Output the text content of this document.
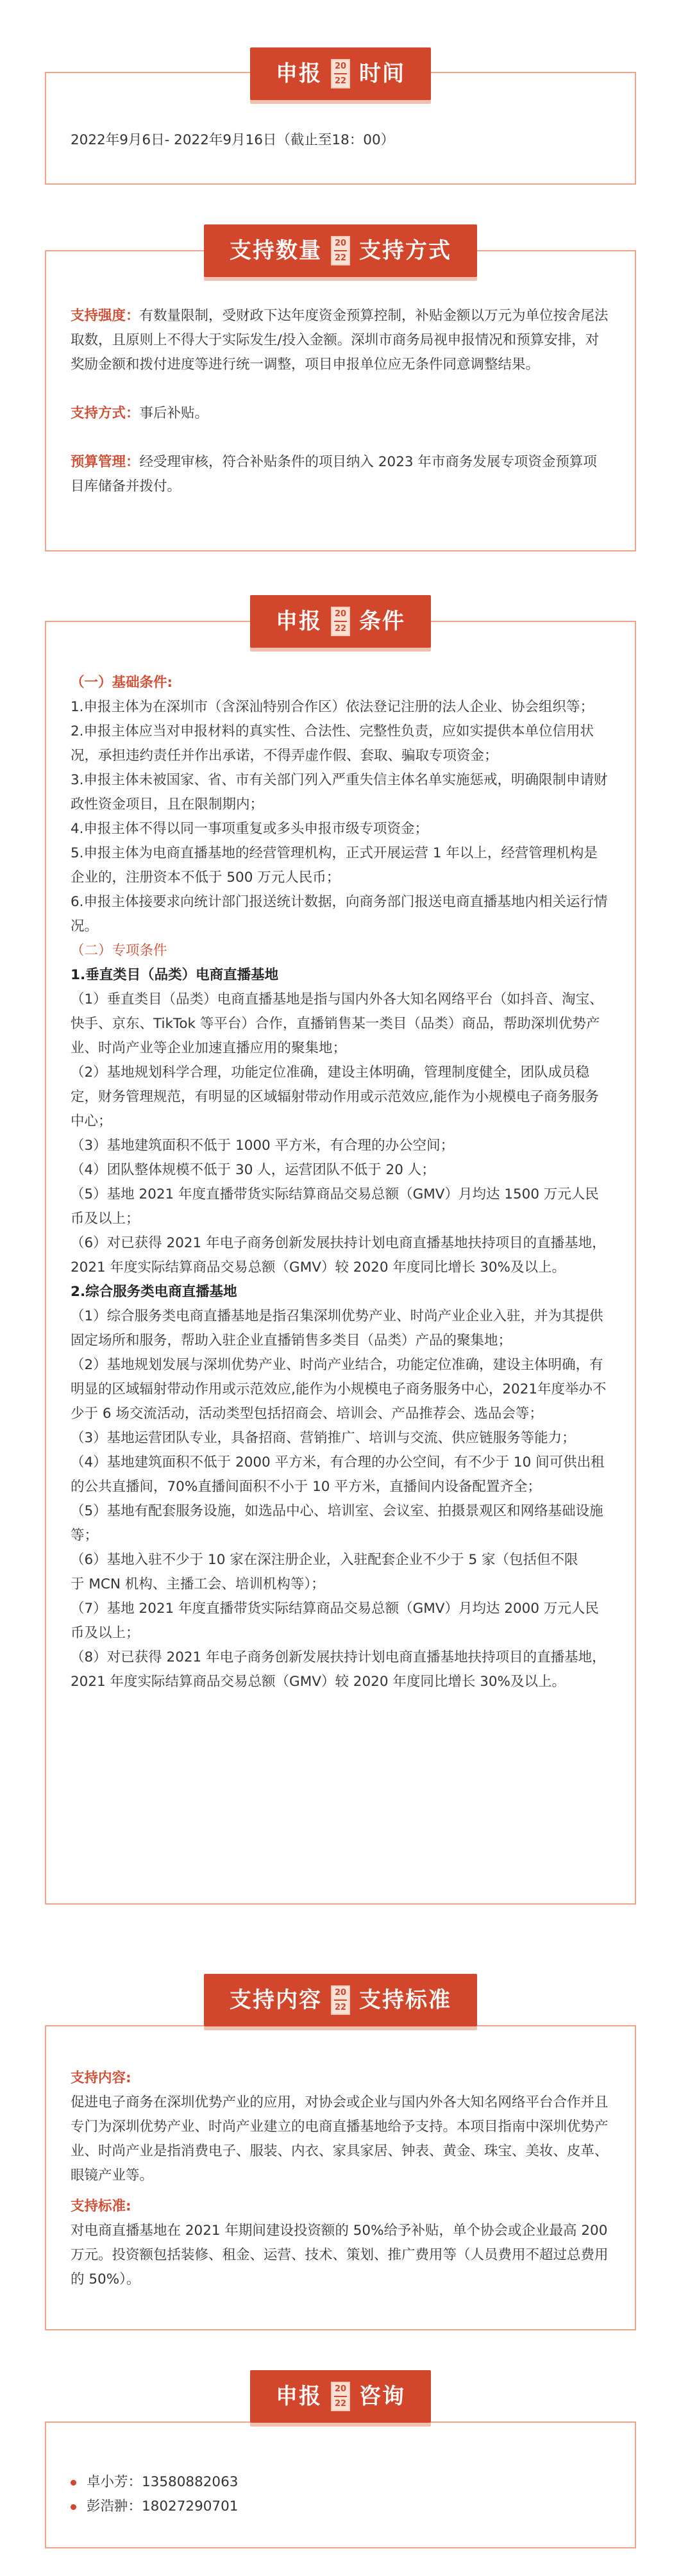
2022年9月6日- 2022年9月16日（截止至18：00）

申报	20
22 时间

支持强度：有数量限制，受财政下达年度资金预算控制，补贴金额以万元为单位按舍尾法取数，且原则上不得大于实际发生/投入金额。深圳市商务局视申报情况和预算安排，对奖励金额和拨付进度等进行统一调整，项目申报单位应无条件同意调整结果。

支持方式：事后补贴。

预算管理：经受理审核，符合补贴条件的项目纳入 2023 年市商务发展专项资金预算项目库储备并拨付。

支持数量	20
22 支持方式

（一）基础条件:

1.申报主体为在深圳市（含深汕特别合作区）依法登记注册的法人企业、协会组织等；

2.申报主体应当对申报材料的真实性、合法性、完整性负责，应如实提供本单位信用状况，承担违约责任并作出承诺，不得弄虚作假、套取、骗取专项资金；

3.申报主体未被国家、省、市有关部门列入严重失信主体名单实施惩戒，明确限制申请财政性资金项目，且在限制期内；

4.申报主体不得以同一事项重复或多头申报市级专项资金；

5.申报主体为电商直播基地的经营管理机构，正式开展运营 1 年以上，经营管理机构是企业的，注册资本不低于 500 万元人民币；

6.申报主体接要求向统计部门报送统计数据，向商务部门报送电商直播基地内相关运行情况。

（二）专项条件

1.垂直类目（品类）电商直播基地

（1）垂直类目（品类）电商直播基地是指与国内外各大知名网络平台（如抖音、淘宝、快手、京东、TikTok 等平台）合作，直播销售某一类目（品类）商品，帮助深圳优势产业、时尚产业等企业加速直播应用的聚集地；

（2）基地规划科学合理，功能定位准确，建设主体明确，管理制度健全，团队成员稳定，财务管理规范，有明显的区域辐射带动作用或示范效应,能作为小规模电子商务服务中心；

（3）基地建筑面积不低于 1000 平方米，有合理的办公空间；

（4）团队整体规模不低于 30 人，运营团队不低于 20 人；

（5）基地 2021 年度直播带货实际结算商品交易总额（GMV）月均达 1500 万元人民币及以上；

（6）对已获得 2021 年电子商务创新发展扶持计划电商直播基地扶持项目的直播基地，2021 年度实际结算商品交易总额（GMV）较 2020 年度同比增长 30%及以上。

2.综合服务类电商直播基地

（1）综合服务类电商直播基地是指召集深圳优势产业、时尚产业企业入驻，并为其提供固定场所和服务，帮助入驻企业直播销售多类目（品类）产品的聚集地；

（2）基地规划发展与深圳优势产业、时尚产业结合，功能定位准确，建设主体明确，有明显的区域辐射带动作用或示范效应,能作为小规模电子商务服务中心，2021年度举办不少于 6 场交流活动，活动类型包括招商会、培训会、产品推荐会、选品会等；

（3）基地运营团队专业，具备招商、营销推广、培训与交流、供应链服务等能力；

（4）基地建筑面积不低于 2000 平方米，有合理的办公空间，有不少于 10 间可供出租的公共直播间，70%直播间面积不小于 10 平方米，直播间内设备配置齐全；

（5）基地有配套服务设施，如选品中心、培训室、会议室、拍摄景观区和网络基础设施等；

（6）基地入驻不少于 10 家在深注册企业，入驻配套企业不少于 5 家（包括但不限

于 MCN 机构、主播工会、培训机构等）；

（7）基地 2021 年度直播带货实际结算商品交易总额（GMV）月均达 2000 万元人民币及以上；

（8）对已获得 2021 年电子商务创新发展扶持计划电商直播基地扶持项目的直播基地，2021 年度实际结算商品交易总额（GMV）较 2020 年度同比增长 30%及以上。

申报	20
22 条件

支持内容:

促进电子商务在深圳优势产业的应用，对协会或企业与国内外各大知名网络平台合作并且专门为深圳优势产业、时尚产业建立的电商直播基地给予支持。本项目指南中深圳优势产业、时尚产业是指消费电子、服装、内衣、家具家居、钟表、黄金、珠宝、美妆、皮革、眼镜产业等。

支持标准:

对电商直播基地在 2021 年期间建设投资额的 50%给予补贴，单个协会或企业最高 200 万元。投资额包括装修、租金、运营、技术、策划、推广费用等（人员费用不超过总费用的 50%）。

支持内容	20
22 支持标准
卓小芳：13580882063
彭浩翀：18027290701
申报	20
22 咨询
